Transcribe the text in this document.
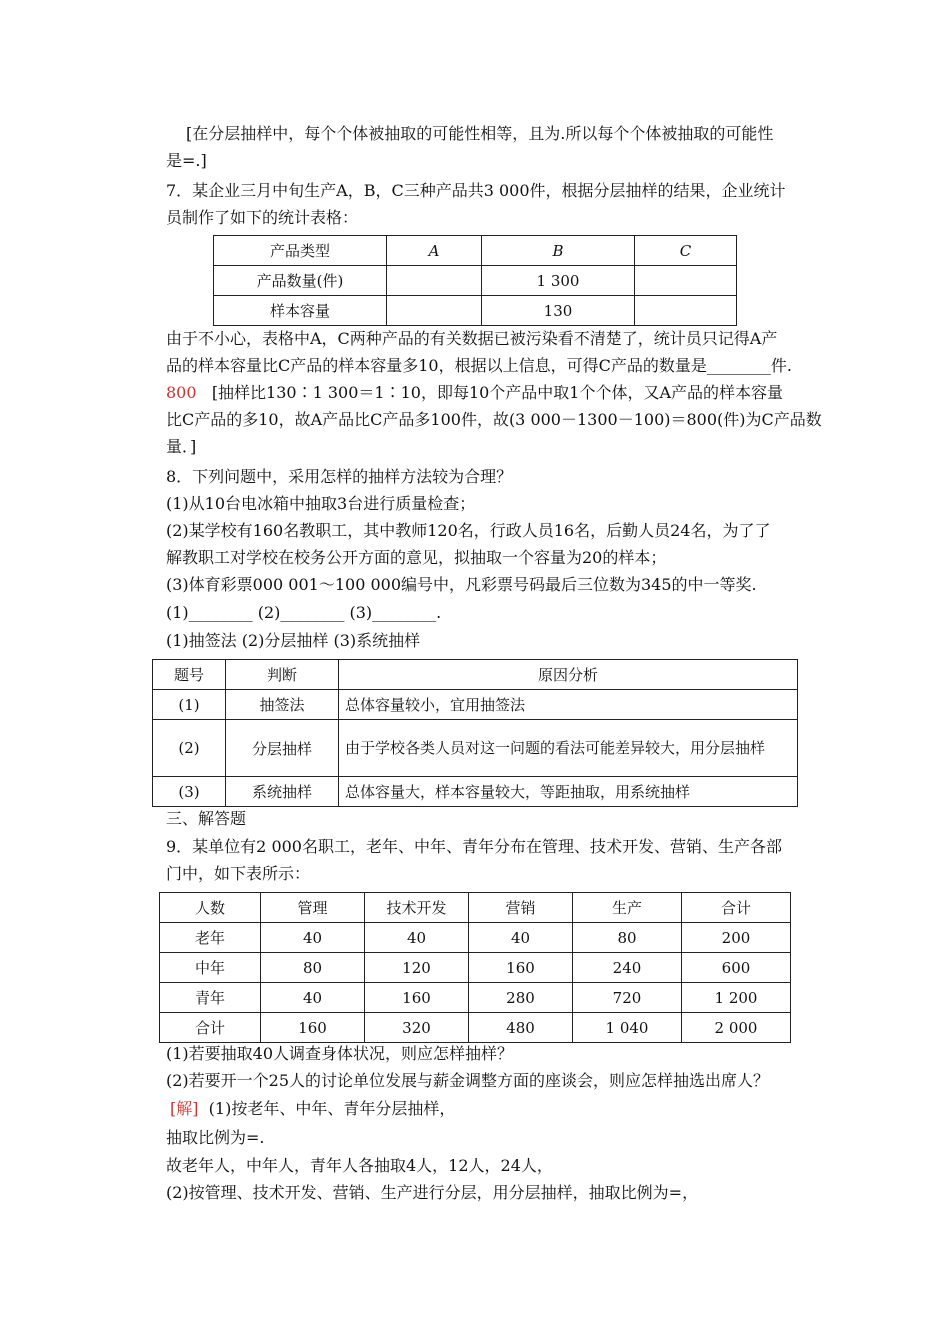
[在分层抽样中，每个个体被抽取的可能性相等，且为.所以每个个体被抽取的可能性
是=.]
7．某企业三月中旬生产A，B，C三种产品共3 000件，根据分层抽样的结果，企业统计
员制作了如下的统计表格：
产品类型	A	B	C
产品数量(件)		1 300	
样本容量		130	
由于不小心，表格中A，C两种产品的有关数据已被污染看不清楚了，统计员只记得A产
品的样本容量比C产品的样本容量多10，根据以上信息，可得C产品的数量是________件.
800 [抽样比130∶1 300＝1∶10，即每10个产品中取1个个体，又A产品的样本容量
比C产品的多10，故A产品比C产品多100件，故(3 000－1300－100)＝800(件)为C产品数
量．]
8．下列问题中，采用怎样的抽样方法较为合理？
(1)从10台电冰箱中抽取3台进行质量检查；
(2)某学校有160名教职工，其中教师120名，行政人员16名，后勤人员24名，为了了
解教职工对学校在校务公开方面的意见，拟抽取一个容量为20的样本；
(3)体育彩票000 001～100 000编号中，凡彩票号码最后三位数为345的中一等奖.
(1)________ (2)________ (3)________.
(1)抽签法 (2)分层抽样 (3)系统抽样
题号	判断	原因分析
(1)	抽签法	总体容量较小，宜用抽签法
(2)	分层抽样	由于学校各类人员对这一问题的看法可能差异较大，用分层抽样
(3)	系统抽样	总体容量大，样本容量较大，等距抽取，用系统抽样
三、解答题
9．某单位有2 000名职工，老年、中年、青年分布在管理、技术开发、营销、生产各部
门中，如下表所示：
人数	管理	技术开发	营销	生产	合计
老年	40	40	40	80	200
中年	80	120	160	240	600
青年	40	160	280	720	1 200
合计	160	320	480	1 040	2 000
(1)若要抽取40人调查身体状况，则应怎样抽样？
(2)若要开一个25人的讨论单位发展与薪金调整方面的座谈会，则应怎样抽选出席人？
[解] (1)按老年、中年、青年分层抽样，
抽取比例为=.
故老年人，中年人，青年人各抽取4人，12人，24人，
(2)按管理、技术开发、营销、生产进行分层，用分层抽样，抽取比例为=，
